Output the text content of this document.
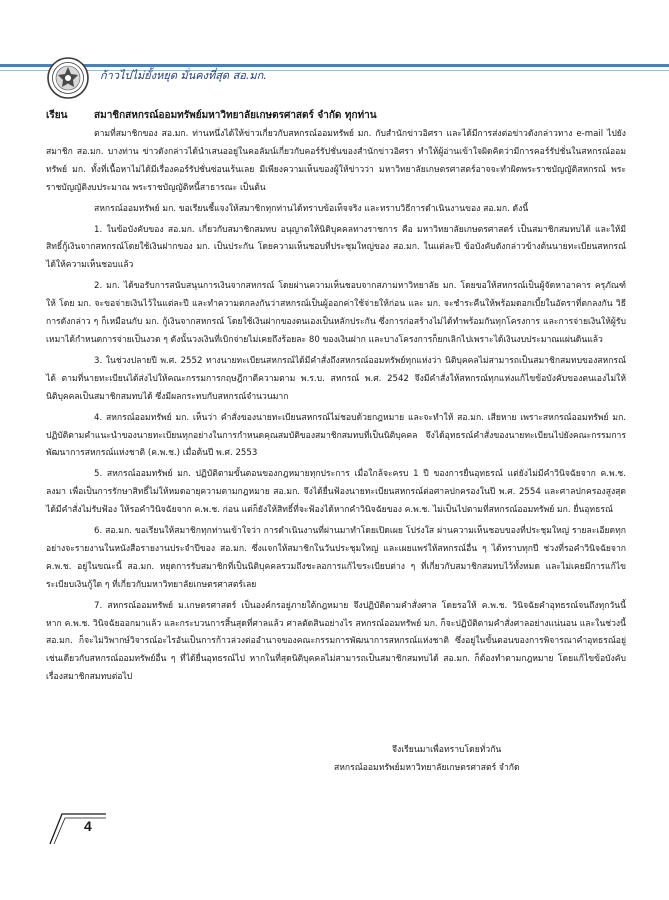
ก้าวไปไม่ยั้งหยุด มั่นคงที่สุด สอ.มก.
เรียน	สมาชิกสหกรณ์ออมทรัพย์มหาวิทยาลัยเกษตรศาสตร์ จำกัด ทุกท่าน

ตามที่สมาชิกของ สอ.มก. ท่านหนึ่งได้ให้ข่าวเกี่ยวกับสหกรณ์ออมทรัพย์ มก. กับสำนักข่าวอิศรา และได้มีการส่งต่อข่าวดังกล่าวทาง e-mail ไปยังสมาชิก สอ.มก. บางท่าน ข่าวดังกล่าวได้นำเสนออยู่ในคอลัมน์เกี่ยวกับคอร์รัปชั่นของสำนักข่าวอิศรา ทำให้ผู้อ่านเข้าใจผิดคิดว่ามีการคอร์รัปชั่นในสหกรณ์ออมทรัพย์ มก. ทั้งที่เนื้อหาไม่ได้มีเรื่องคอร์รัปชั่นซ่อนเร้นเลย มีเพียงความเห็นของผู้ให้ข่าวว่า มหาวิทยาลัยเกษตรศาสตร์อาจจะทำผิดพระราชบัญญัติสหกรณ์ พระราชบัญญัติงบประมาณ พระราชบัญญัติหนี้สาธารณะ เป็นต้น

สหกรณ์ออมทรัพย์ มก. ขอเรียนชี้แจงให้สมาชิกทุกท่านได้ทราบข้อเท็จจริง และทราบวิธีการดำเนินงานของ สอ.มก. ดังนี้

1. ในข้อบังคับของ สอ.มก. เกี่ยวกับสมาชิกสมทบ อนุญาตให้นิติบุคคลทางราชการ คือ มหาวิทยาลัยเกษตรศาสตร์ เป็นสมาชิกสมทบได้ และให้มีสิทธิ์กู้เงินจากสหกรณ์โดยใช้เงินฝากของ มก. เป็นประกัน โดยความเห็นชอบที่ประชุมใหญ่ของ สอ.มก. ในแต่ละปี ข้อบังคับดังกล่าวข้างต้นนายทะเบียนสหกรณ์ได้ให้ความเห็นชอบแล้ว

2. มก. ได้ขอรับการสนับสนุนการเงินจากสหกรณ์ โดยผ่านความเห็นชอบจากสภามหาวิทยาลัย มก. โดยขอให้สหกรณ์เป็นผู้จัดหาอาคาร ครุภัณฑ์ให้ โดย มก. จะขอจ่ายเงินไว้ในแต่ละปี และทำความตกลงกันว่าสหกรณ์เป็นผู้ออกค่าใช้จ่ายให้ก่อน และ มก. จะชำระคืนให้พร้อมดอกเบี้ยในอัตราที่ตกลงกัน วิธีการดังกล่าว ๆ ก็เหมือนกับ มก. กู้เงินจากสหกรณ์ โดยใช้เงินฝากของตนเองเป็นหลักประกัน ซึ่งการก่อสร้างไม่ได้ทำพร้อมกันทุกโครงการ และการจ่ายเงินให้ผู้รับเหมาได้กำหนดการจ่ายเป็นงวด ๆ ดังนั้นวงเงินที่เบิกจ่ายไม่เคยถึงร้อยละ 80 ของเงินฝาก และบางโครงการก็ยกเลิกไปเพราะได้เงินงบประมาณแผ่นดินแล้ว

3. ในช่วงปลายปี พ.ศ. 2552 ทางนายทะเบียนสหกรณ์ได้มีคำสั่งถึงสหกรณ์ออมทรัพย์ทุกแห่งว่า นิติบุคคลไม่สามารถเป็นสมาชิกสมทบของสหกรณ์ได้ ตามที่นายทะเบียนได้ส่งไปให้คณะกรรมการกฤษฎีกาตีความตาม พ.ร.บ. สหกรณ์ พ.ศ. 2542 จึงมีคำสั่งให้สหกรณ์ทุกแห่งแก้ไขข้อบังคับของตนเองไม่ให้นิติบุคคลเป็นสมาชิกสมทบได้ ซึ่งมีผลกระทบกับสหกรณ์จำนวนมาก

4. สหกรณ์ออมทรัพย์ มก. เห็นว่า คำสั่งของนายทะเบียนสหกรณ์ไม่ชอบด้วยกฎหมาย และจะทำให้ สอ.มก. เสียหาย เพราะสหกรณ์ออมทรัพย์ มก. ปฏิบัติตามคำแนะนำของนายทะเบียนทุกอย่างในการกำหนดคุณสมบัติของสมาชิกสมทบที่เป็นนิติบุคคล จึงได้อุทธรณ์คำสั่งของนายทะเบียนไปยังคณะกรรมการพัฒนาการสหกรณ์แห่งชาติ (ค.พ.ช.) เมื่อต้นปี พ.ศ. 2553

5. สหกรณ์ออมทรัพย์ มก. ปฏิบัติตามขั้นตอนของกฎหมายทุกประการ เมื่อใกล้จะครบ 1 ปี ของการยื่นอุทธรณ์ แต่ยังไม่มีคำวินิจฉัยจาก ค.พ.ช. ลงมา เพื่อเป็นการรักษาสิทธิ์ไม่ให้หมดอายุความตามกฎหมาย สอ.มก. จึงได้ยื่นฟ้องนายทะเบียนสหกรณ์ต่อศาลปกครองในปี พ.ศ. 2554 และศาลปกครองสูงสุดได้มีคำสั่งไม่รับฟ้อง ให้รอคำวินิจฉัยจาก ค.พ.ช. ก่อน แต่ก็ยังให้สิทธิ์ที่จะฟ้องได้หากคำวินิจฉัยของ ค.พ.ช. ไม่เป็นไปตามที่สหกรณ์ออมทรัพย์ มก. ยื่นอุทธรณ์

6. สอ.มก. ขอเรียนให้สมาชิกทุกท่านเข้าใจว่า การดำเนินงานที่ผ่านมาทำโดยเปิดเผย โปร่งใส ผ่านความเห็นชอบของที่ประชุมใหญ่ รายละเอียดทุกอย่างจะรายงานในหนังสือรายงานประจำปีของ สอ.มก. ซึ่งแจกให้สมาชิกในวันประชุมใหญ่ และเผยแพร่ให้สหกรณ์อื่น ๆ ได้ทราบทุกปี ช่วงที่รอคำวินิจฉัยจาก ค.พ.ช. อยู่ในขณะนี้ สอ.มก. หยุดการรับสมาชิกที่เป็นนิติบุคคลรวมถึงชะลอการแก้ไขระเบียบต่าง ๆ ที่เกี่ยวกับสมาชิกสมทบไว้ทั้งหมด และไม่เคยมีการแก้ไขระเบียบเงินกู้ใด ๆ ที่เกี่ยวกับมหาวิทยาลัยเกษตรศาสตร์เลย

7. สหกรณ์ออมทรัพย์ ม.เกษตรศาสตร์ เป็นองค์กรอยู่ภายใต้กฎหมาย จึงปฏิบัติตามคำสั่งศาล โดยรอให้ ค.พ.ช. วินิจฉัยคำอุทธรณ์จนถึงทุกวันนี้ หาก ค.พ.ช. วินิจฉัยออกมาแล้ว และกระบวนการสิ้นสุดที่ศาลแล้ว ศาลตัดสินอย่างไร สหกรณ์ออมทรัพย์ มก. ก็จะปฏิบัติตามคำสั่งศาลอย่างแน่นอน และในช่วงนี้ สอ.มก. ก็จะไม่วิพากษ์วิจารณ์อะไรอันเป็นการก้าวล่วงต่ออำนาจของคณะกรรมการพัฒนาการสหกรณ์แห่งชาติ ซึ่งอยู่ในขั้นตอนของการพิจารณาคำอุทธรณ์อยู่เช่นเดียวกับสหกรณ์ออมทรัพย์อื่น ๆ ที่ได้ยื่นอุทธรณ์ไป หากในที่สุดนิติบุคคลไม่สามารถเป็นสมาชิกสมทบได้ สอ.มก. ก็ต้องทำตามกฎหมาย โดยแก้ไขข้อบังคับเรื่องสมาชิกสมทบต่อไป

จึงเรียนมาเพื่อทราบโดยทั่วกัน
สหกรณ์ออมทรัพย์มหาวิทยาลัยเกษตรศาสตร์ จำกัด
4
